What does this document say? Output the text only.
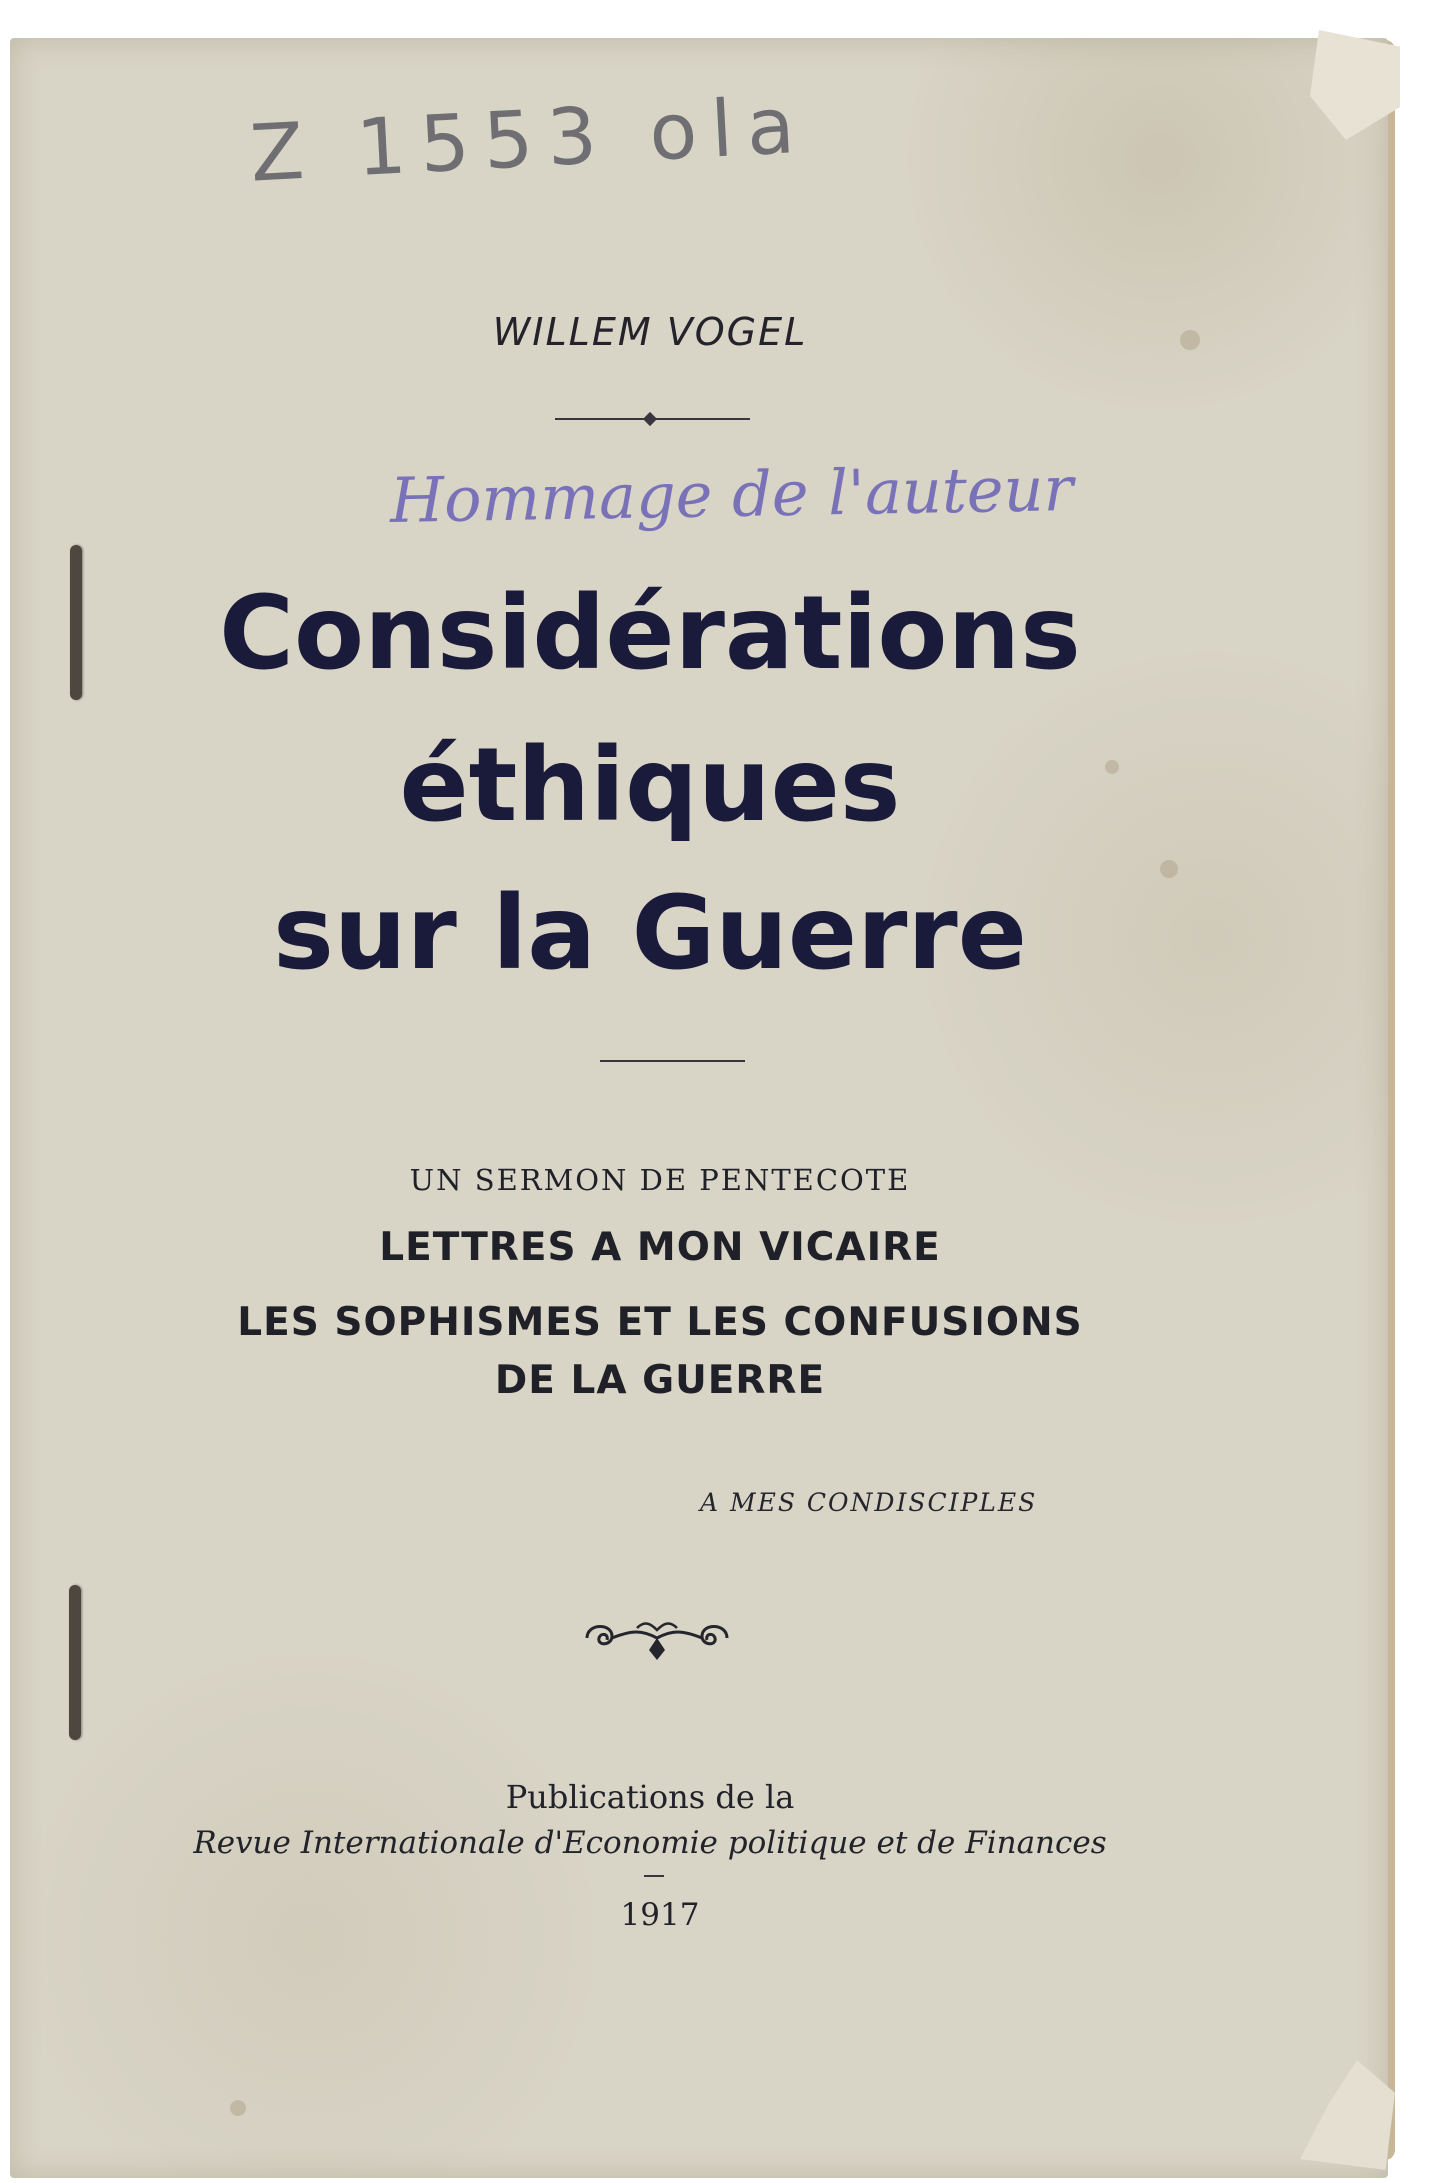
Z 1553 ola
WILLEM VOGEL
Hommage de l'auteur
Considérations
éthiques
sur la Guerre
UN SERMON DE PENTECOTE
LETTRES A MON VICAIRE
LES SOPHISMES ET LES CONFUSIONS
DE LA GUERRE
A MES CONDISCIPLES
Publications de la
Revue Internationale d'Economie politique et de Finances
1917
